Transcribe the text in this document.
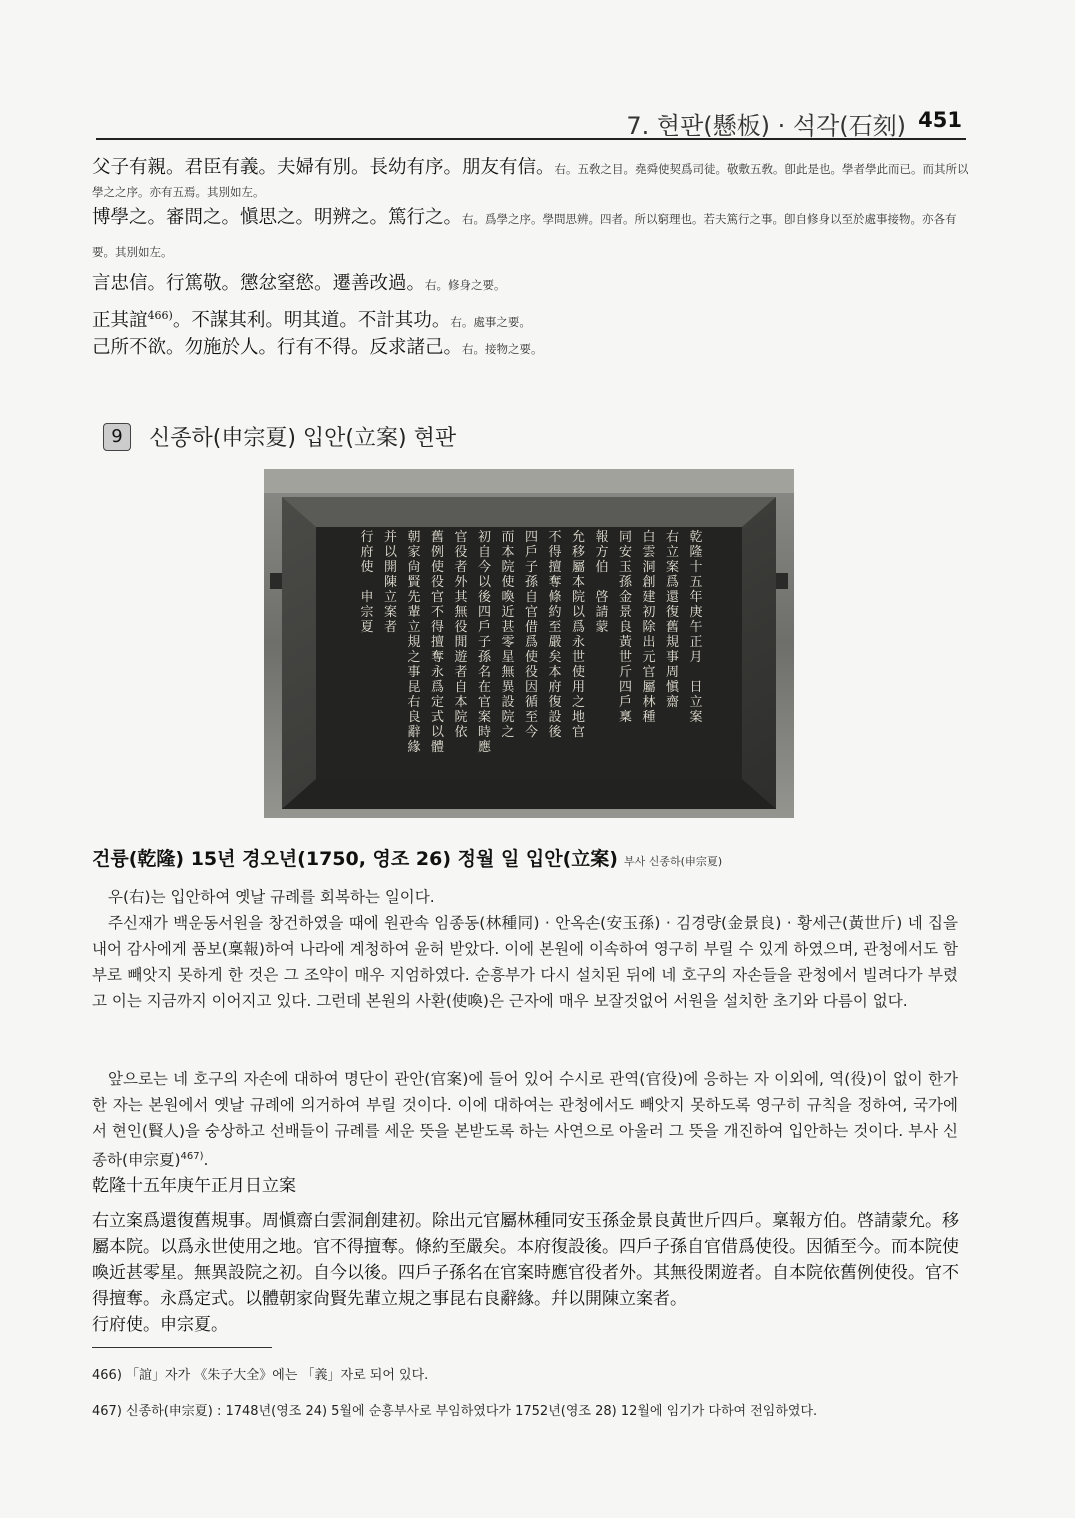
7. 현판(懸板) · 석각(石刻) 451
父子有親。君臣有義。夫婦有別。長幼有序。朋友有信。右。五敎之目。堯舜使契爲司徒。敬敷五敎。卽此是也。學者學此而已。而其所以
學之之序。亦有五焉。其別如左。
博學之。審問之。愼思之。明辨之。篤行之。右。爲學之序。學問思辨。四者。所以窮理也。若夫篤行之事。卽自修身以至於處事接物。亦各有
要。其別如左。
言忠信。行篤敬。懲忿窒慾。遷善改過。右。修身之要。
正其誼$^{466)}$。不謀其利。明其道。不計其功。右。處事之要。
己所不欲。勿施於人。行有不得。反求諸己。右。接物之要。
9 신종하(申宗夏) 입안(立案) 현판
乾隆十五年庚午正月　日立案
右立案爲還復舊規事周愼齋
白雲洞創建初除出元官屬林種
同安玉孫金景良黃世斤四戶稟
報方伯　啓請蒙
允移屬本院以爲永世使用之地官
不得擅奪條約至嚴矣本府復設後
四戶子孫自官借爲使役因循至今
而本院使喚近甚零星無異設院之
初自今以後四戶子孫名在官案時應
官役者外其無役閒遊者自本院依
舊例使役官不得擅奪永爲定式以體
朝家尙賢先輩立規之事昆右良辭緣
并以開陳立案者
行府使　申宗夏
건륭(乾隆) 15년 경오년(1750, 영조 26) 정월 일 입안(立案) 부사 신종하(申宗夏)
우(右)는 입안하여 옛날 규례를 회복하는 일이다.
주신재가 백운동서원을 창건하였을 때에 원관속 임종동(林種同) · 안옥손(安玉孫) · 김경량(金景良) · 황세근(黃世斤) 네 집을 내어 감사에게 품보(稟報)하여 나라에 계청하여 윤허 받았다. 이에 본원에 이속하여 영구히 부릴 수 있게 하였으며, 관청에서도 함부로 빼앗지 못하게 한 것은 그 조약이 매우 지엄하였다. 순흥부가 다시 설치된 뒤에 네 호구의 자손들을 관청에서 빌려다가 부렸고 이는 지금까지 이어지고 있다. 그런데 본원의 사환(使喚)은 근자에 매우 보잘것없어 서원을 설치한 초기와 다름이 없다.
앞으로는 네 호구의 자손에 대하여 명단이 관안(官案)에 들어 있어 수시로 관역(官役)에 응하는 자 이외에, 역(役)이 없이 한가한 자는 본원에서 옛날 규례에 의거하여 부릴 것이다. 이에 대하여는 관청에서도 빼앗지 못하도록 영구히 규칙을 정하여, 국가에서 현인(賢人)을 숭상하고 선배들이 규례를 세운 뜻을 본받도록 하는 사연으로 아울러 그 뜻을 개진하여 입안하는 것이다. 부사 신종하(申宗夏)$^{467)}$.
乾隆十五年庚午正月日立案
右立案爲還復舊規事。周愼齋白雲洞創建初。除出元官屬林種同安玉孫金景良黃世斤四戶。稟報方伯。啓請蒙允。移
屬本院。以爲永世使用之地。官不得擅奪。條約至嚴矣。本府復設後。四戶子孫自官借爲使役。因循至今。而本院使
喚近甚零星。無異設院之初。自今以後。四戶子孫名在官案時應官役者外。其無役閑遊者。自本院依舊例使役。官不
得擅奪。永爲定式。以體朝家尙賢先輩立規之事昆右良辭緣。幷以開陳立案者。
行府使。申宗夏。
466) 「誼」자가 《朱子大全》에는 「義」자로 되어 있다.
467) 신종하(申宗夏) : 1748년(영조 24) 5월에 순흥부사로 부임하였다가 1752년(영조 28) 12월에 임기가 다하여 전임하였다.
